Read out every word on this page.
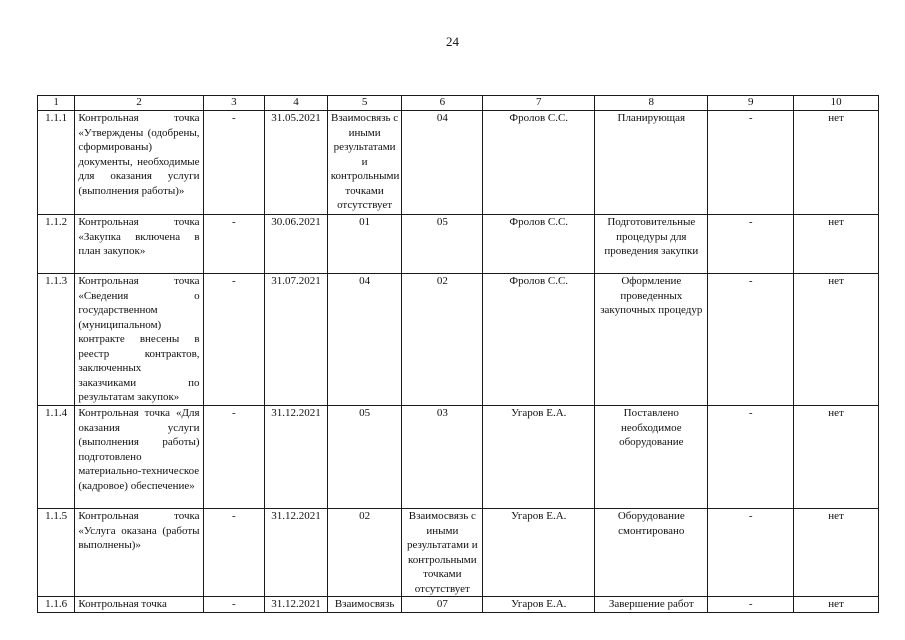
24
1	2	3	4	5	6	7	8	9	10
1.1.1	Контрольная точка «Утверждены (одобрены, сформированы) документы, необходимые для оказания услуги (выполнения работы)»	-	31.05.2021	Взаимосвязь с иными результатами и контрольными точками отсутствует	04	Фролов С.С.	Планирующая	-	нет
1.1.2	Контрольная точка «Закупка включена в план закупок»	-	30.06.2021	01	05	Фролов С.С.	Подготовительные процедуры для проведения закупки	-	нет
1.1.3	Контрольная точка «Сведения о государственном (муниципальном) контракте внесены в реестр контрактов, заключенных заказчиками по результатам закупок»	-	31.07.2021	04	02	Фролов С.С.	Оформление проведенных закупочных процедур	-	нет
1.1.4	Контрольная точка «Для оказания услуги (выполнения работы) подготовлено материально-техническое (кадровое) обеспечение»	-	31.12.2021	05	03	Угаров Е.А.	Поставлено необходимое оборудование	-	нет
1.1.5	Контрольная точка «Услуга оказана (работы выполнены)»	-	31.12.2021	02	Взаимосвязь с иными результатами и контрольными точками отсутствует	Угаров Е.А.	Оборудование смонтировано	-	нет
1.1.6	Контрольная точка	-	31.12.2021	Взаимосвязь	07	Угаров Е.А.	Завершение работ	-	нет
